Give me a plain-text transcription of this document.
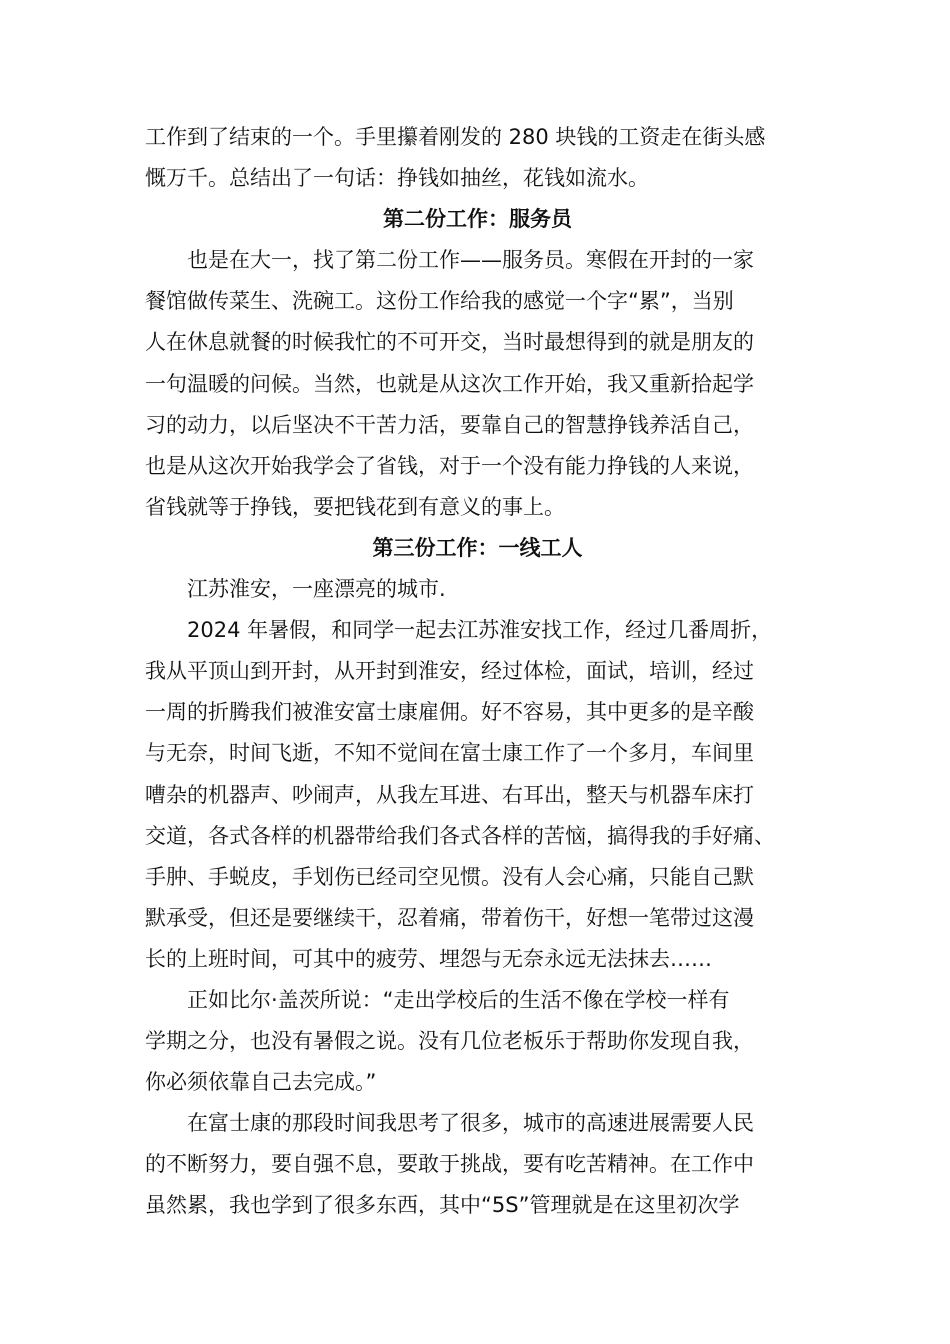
工作到了结束的一个。手里攥着刚发的 280 块钱的工资走在街头感
慨万千。总结出了一句话：挣钱如抽丝，花钱如流水。
第二份工作：服务员
也是在大一，找了第二份工作——服务员。寒假在开封的一家
餐馆做传菜生、洗碗工。这份工作给我的感觉一个字“累”，当别
人在休息就餐的时候我忙的不可开交，当时最想得到的就是朋友的
一句温暖的问候。当然，也就是从这次工作开始，我又重新拾起学
习的动力，以后坚决不干苦力活，要靠自己的智慧挣钱养活自己，
也是从这次开始我学会了省钱，对于一个没有能力挣钱的人来说，
省钱就等于挣钱，要把钱花到有意义的事上。
第三份工作：一线工人
江苏淮安，一座漂亮的城市.
2024 年暑假，和同学一起去江苏淮安找工作，经过几番周折，
我从平顶山到开封，从开封到淮安，经过体检，面试，培训，经过
一周的折腾我们被淮安富士康雇佣。好不容易，其中更多的是辛酸
与无奈，时间飞逝，不知不觉间在富士康工作了一个多月，车间里
嘈杂的机器声、吵闹声，从我左耳进、右耳出，整天与机器车床打
交道，各式各样的机器带给我们各式各样的苦恼，搞得我的手好痛、
手肿、手蜕皮，手划伤已经司空见惯。没有人会心痛，只能自己默
默承受，但还是要继续干，忍着痛，带着伤干，好想一笔带过这漫
长的上班时间，可其中的疲劳、埋怨与无奈永远无法抹去……
正如比尔·盖茨所说：“走出学校后的生活不像在学校一样有
学期之分，也没有暑假之说。没有几位老板乐于帮助你发现自我，
你必须依靠自己去完成。”
在富士康的那段时间我思考了很多，城市的高速进展需要人民
的不断努力，要自强不息，要敢于挑战，要有吃苦精神。在工作中
虽然累，我也学到了很多东西，其中“5S”管理就是在这里初次学
